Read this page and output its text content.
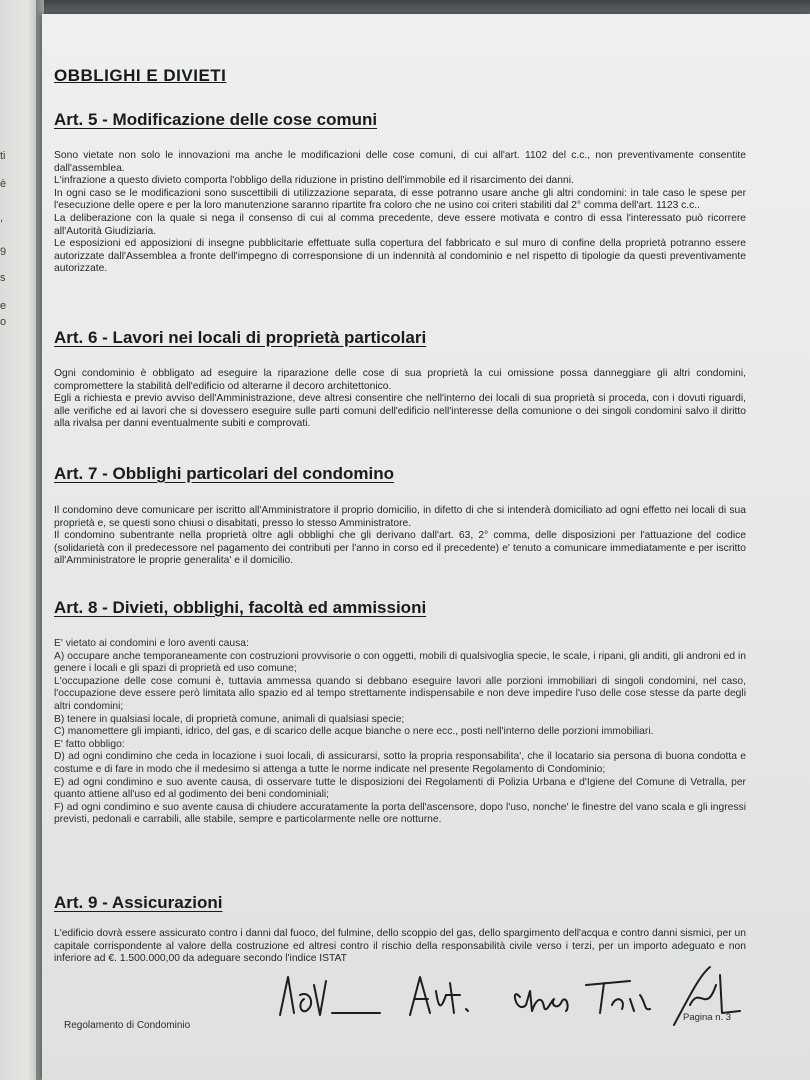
ti
è
,
9
s
e
o
OBBLIGHI E DIVIETI
Art. 5 - Modificazione delle cose comuni

Sono vietate non solo le innovazioni ma anche le modificazioni delle cose comuni, di cui all'art. 1102 del c.c., non preventivamente consentite dall'assemblea.

L'infrazione a questo divieto comporta l'obbligo della riduzione in pristino dell'immobile ed il risarcimento dei danni.

In ogni caso se le modificazioni sono suscettibili di utilizzazione separata, di esse potranno usare anche gli altri condomini: in tale caso le spese per l'esecuzione delle opere e per la loro manutenzione saranno ripartite fra coloro che ne usino coi criteri stabiliti dal 2° comma dell'art. 1123 c.c..

La deliberazione con la quale si nega il consenso di cui al comma precedente, deve essere motivata e contro di essa l'interessato può ricorrere all'Autorità Giudiziaria.

Le esposizioni ed apposizioni di insegne pubblicitarie effettuate sulla copertura del fabbricato e sul muro di confine della proprietà potranno essere autorizzate dall'Assemblea a fronte dell'impegno di corresponsione di un indennità al condominio e nel rispetto di tipologie da questi preventivamente autorizzate.

Art. 6 - Lavori nei locali di proprietà particolari

Ogni condominio è obbligato ad eseguire la riparazione delle cose di sua proprietà la cui omissione possa danneggiare gli altri condomini, compromettere la stabilità dell'edificio od alterarne il decoro architettonico.

Egli a richiesta e previo avviso dell'Amministrazione, deve altresi consentire che nell'interno dei locali di sua proprietà si proceda, con i dovuti riguardi, alle verifiche ed ai lavori che si dovessero eseguire sulle parti comuni dell'edificio nell'interesse della comunione o dei singoli condomini salvo il diritto alla rivalsa per danni eventualmente subiti e comprovati.

Art. 7 - Obblighi particolari del condomino

Il condomino deve comunicare per iscritto all'Amministratore il proprio domicilio, in difetto di che si intenderà domiciliato ad ogni effetto nei locali di sua proprietà e, se questi sono chiusi o disabitati, presso lo stesso Amministratore.

Il condomino subentrante nella proprietà oltre agli obblighi che gli derivano dall'art. 63, 2° comma, delle disposizioni per l'attuazione del codice (solidarietà con il predecessore nel pagamento dei contributi per l'anno in corso ed il precedente) e' tenuto a comunicare immediatamente e per iscritto all'Amministratore le proprie generalita' e il domicilio.

Art. 8 - Divieti, obblighi, facoltà ed ammissioni

E' vietato ai condomini e loro aventi causa:

A) occupare anche temporaneamente con costruzioni provvisorie o con oggetti, mobili di qualsivoglia specie, le scale, i ripani, gli anditi, gli androni ed in genere i locali e gli spazi di proprietà ed uso comune;

L'occupazione delle cose comuni è, tuttavia ammessa quando si debbano eseguire lavori alle porzioni immobiliari di singoli condomini, nel caso, l'occupazione deve essere però limitata allo spazio ed al tempo strettamente indispensabile e non deve impedire l'uso delle cose stesse da parte degli altri condomini;

B) tenere in qualsiasi locale, di proprietà comune, animali di qualsiasi specie;

C) manomettere gli impianti, idrico, del gas, e di scarico delle acque bianche o nere ecc., posti nell'interno delle porzioni immobiliari.

E' fatto obbligo:

D) ad ogni condimino che ceda in locazione i suoi locali, di assicurarsi, sotto la propria responsabilita', che il locatario sia persona di buona condotta e costume e di fare in modo che il medesimo si attenga a tutte le norme indicate nel presente Regolamento di Condominio;

E) ad ogni condimino e suo avente causa, di osservare tutte le disposizioni dei Regolamenti di Polizia Urbana e d'Igiene del Comune di Vetralla, per quanto attiene all'uso ed al godimento dei beni condominiali;

F) ad ogni condimino e suo avente causa di chiudere accuratamente la porta dell'ascensore, dopo l'uso, nonche' le finestre del vano scala e gli ingressi previsti, pedonali e carrabili, alle stabile, sempre e particolarmente nelle ore notturne.

Art. 9 - Assicurazioni

L'edificio dovrà essere assicurato contro i danni dal fuoco, del fulmine, dello scoppio del gas, dello spargimento dell'acqua e contro danni sismici, per un capitale corrispondente al valore della costruzione ed altresi contro il rischio della responsabilità civile verso i terzi, per un importo adeguato e non inferiore ad €. 1.500.000,00 da adeguare secondo l'indice ISTAT

Regolamento di Condominio
Pagina n. 3
